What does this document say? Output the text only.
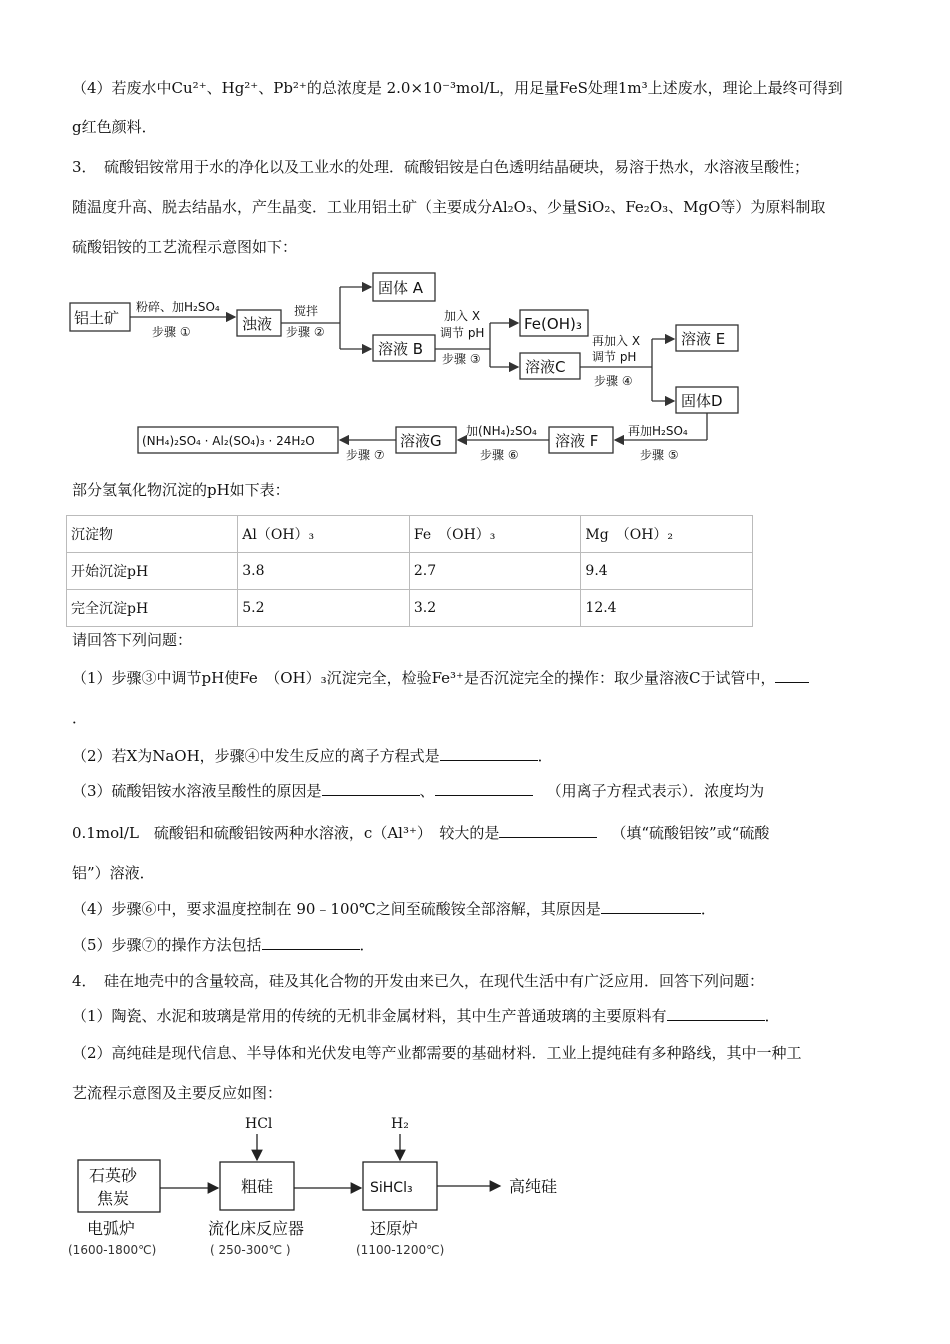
（4）若废水中Cu²⁺、Hg²⁺、Pb²⁺的总浓度是 2.0×10⁻³mol/L，用足量FeS处理1m³上述废水，理论上最终可得到
g红色颜料．
3．　硫酸铝铵常用于水的净化以及工业水的处理．硫酸铝铵是白色透明结晶硬块，易溶于热水，水溶液呈酸性；
随温度升高、脱去结晶水，产生晶变．工业用铝土矿（主要成分Al₂O₃、少量SiO₂、Fe₂O₃、MgO等）为原料制取
硫酸铝铵的工艺流程示意图如下：
铝土矿	浊液
固体 A
溶液 B
Fe(OH)₃
溶液C
溶液 E
固体D
溶液 F
溶液G
(NH₄)₂SO₄ · Al₂(SO₄)₃ · 24H₂O
粉碎、加H₂SO₄
步骤 ①
搅拌
步骤 ②
加入 X
调节 pH
步骤 ③
再加入 X
调节 pH
步骤 ④
再加H₂SO₄
步骤 ⑤
加(NH₄)₂SO₄
步骤 ⑥
步骤 ⑦
部分氢氧化物沉淀的pH如下表：
沉淀物	Al（OH）₃	Fe　（OH）₃	Mg　（OH）₂
开始沉淀pH	3.8	2.7	9.4
完全沉淀pH	5.2	3.2	12.4
请回答下列问题：
（1）步骤③中调节pH使Fe　（OH）₃沉淀完全，检验Fe³⁺是否沉淀完全的操作：取少量溶液C于试管中，
．
（2）若X为NaOH，步骤④中发生反应的离子方程式是	．
（3）硫酸铝铵水溶液呈酸性的原因是	、	（用离子方程式表示）．浓度均为
0.1mol/L　硫酸铝和硫酸铝铵两种水溶液，c（Al³⁺）　较大的是	（填“硫酸铝铵”或“硫酸
铝”）溶液．
（4）步骤⑥中，要求温度控制在 90﹣100℃之间至硫酸铵全部溶解，其原因是	．
（5）步骤⑦的操作方法包括	．
4．　硅在地壳中的含量较高，硅及其化合物的开发由来已久，在现代生活中有广泛应用．回答下列问题：
（1）陶瓷、水泥和玻璃是常用的传统的无机非金属材料，其中生产普通玻璃的主要原料有	．
（2）高纯硅是现代信息、半导体和光伏发电等产业都需要的基础材料．工业上提纯硅有多种路线，其中一种工
艺流程示意图及主要反应如图：
HCl	H₂
石英砂
焦炭
粗硅	SiHCl₃	高纯硅
电弧炉
(1600-1800℃)
流化床反应器
( 250-300℃ )
还原炉
(1100-1200℃)
